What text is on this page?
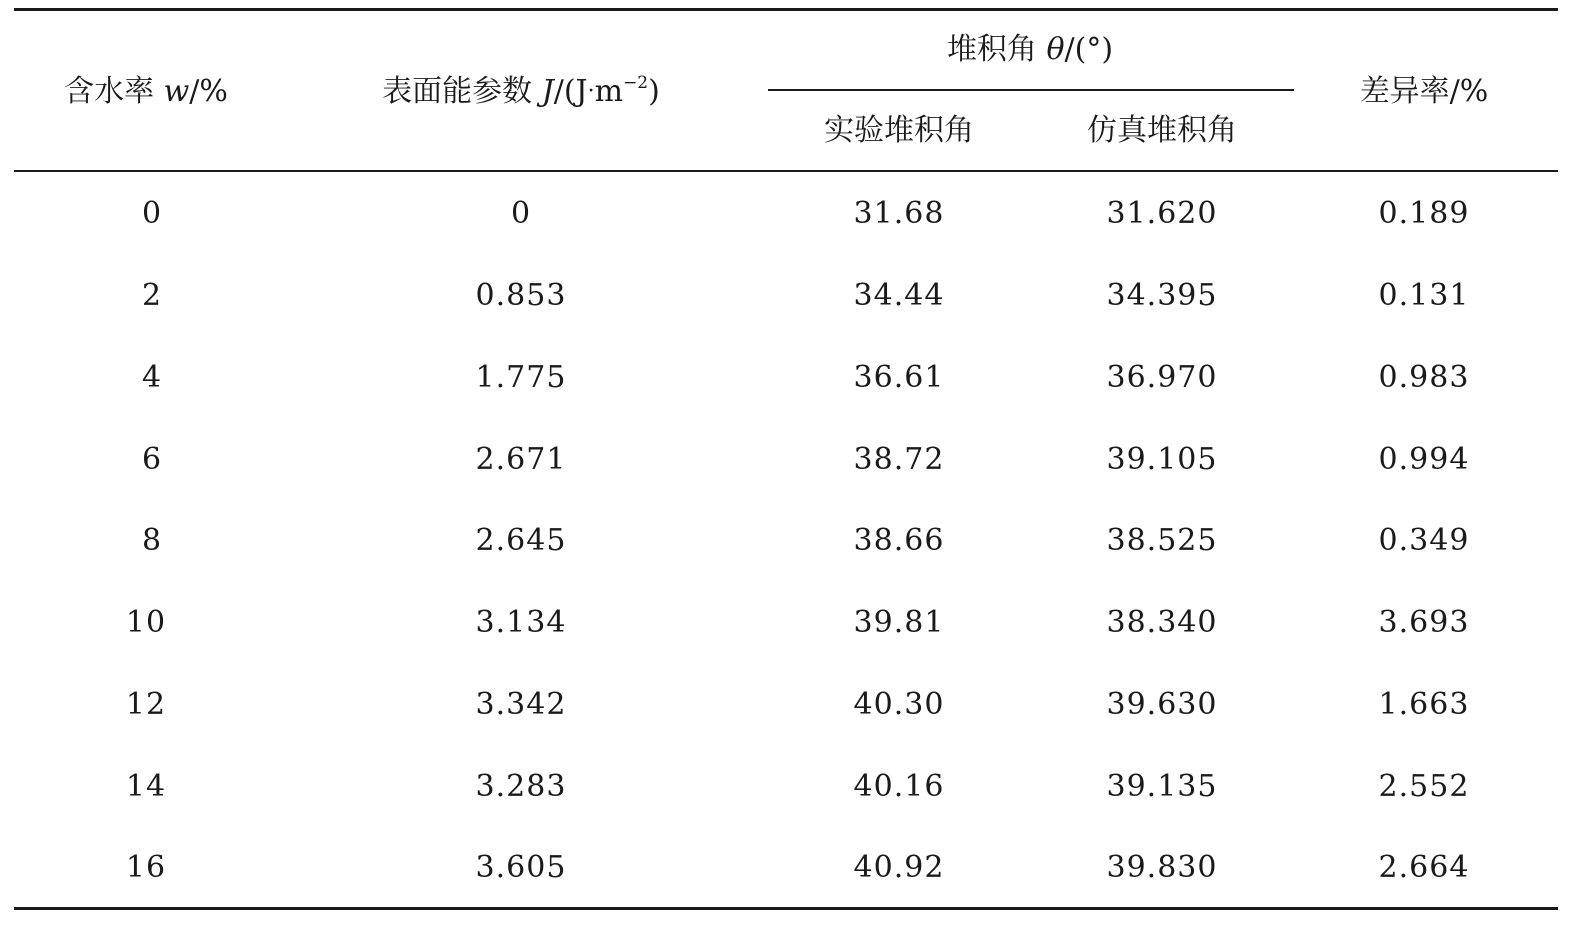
含水率 w/%	表面能参数 $J/(J\cdot m^{-2})$
堆积角 θ/(°)
实验堆积角	仿真堆积角
差异率/%
0	0	31.68	31.620	0.189
2	0.853	34.44	34.395	0.131
4	1.775	36.61	36.970	0.983
6	2.671	38.72	39.105	0.994
8	2.645	38.66	38.525	0.349
10	3.134	39.81	38.340	3.693
12	3.342	40.30	39.630	1.663
14	3.283	40.16	39.135	2.552
16	3.605	40.92	39.830	2.664
